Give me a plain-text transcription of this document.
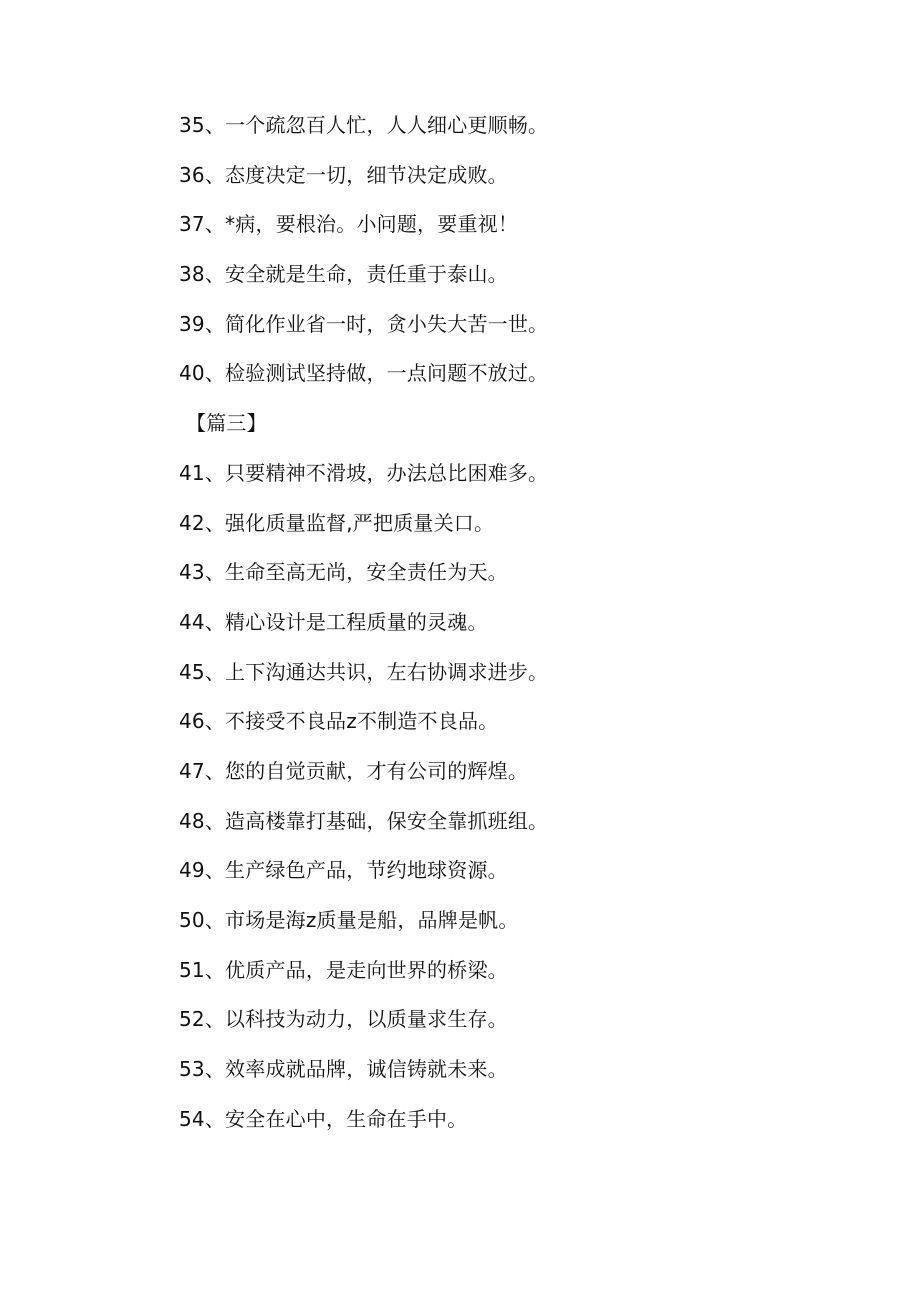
35、一个疏忽百人忙，人人细心更顺畅。
36、态度决定一切，细节决定成败。
37、*病，要根治。小问题，要重视！
38、安全就是生命，责任重于泰山。
39、简化作业省一时，贪小失大苦一世。
40、检验测试坚持做，一点问题不放过。
【篇三】
41、只要精神不滑坡，办法总比困难多。
42、强化质量监督,严把质量关口。
43、生命至高无尚，安全责任为天。
44、精心设计是工程质量的灵魂。
45、上下沟通达共识，左右协调求进步。
46、不接受不良品z不制造不良品。
47、您的自觉贡献，才有公司的辉煌。
48、造高楼靠打基础，保安全靠抓班组。
49、生产绿色产品，节约地球资源。
50、市场是海z质量是船，品牌是帆。
51、优质产品，是走向世界的桥梁。
52、以科技为动力，以质量求生存。
53、效率成就品牌，诚信铸就未来。
54、安全在心中，生命在手中。
